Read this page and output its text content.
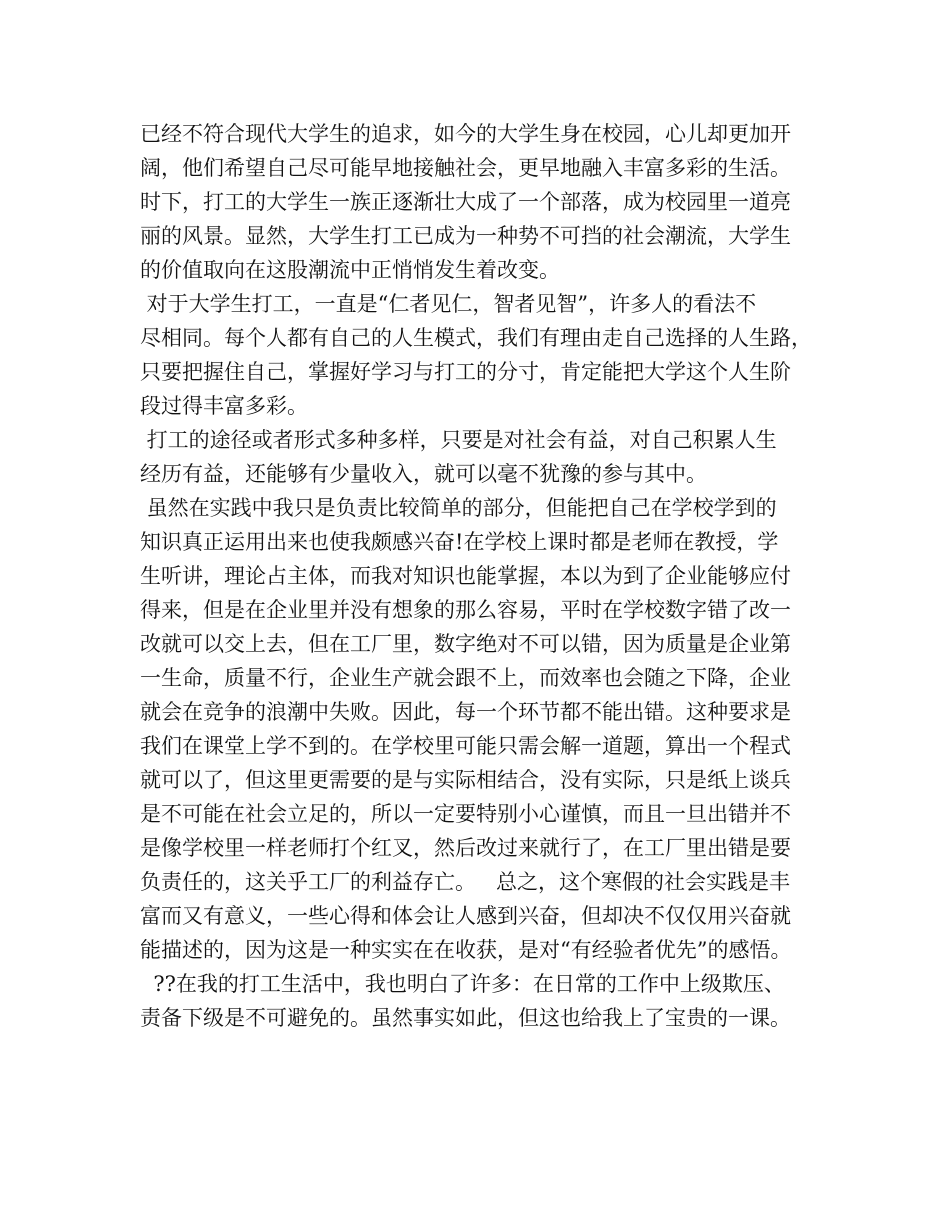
已经不符合现代大学生的追求，如今的大学生身在校园，心儿却更加开
阔，他们希望自己尽可能早地接触社会，更早地融入丰富多彩的生活。
时下，打工的大学生一族正逐渐壮大成了一个部落，成为校园里一道亮
丽的风景。显然，大学生打工已成为一种势不可挡的社会潮流，大学生
的价值取向在这股潮流中正悄悄发生着改变。
对于大学生打工，一直是“仁者见仁，智者见智”，许多人的看法不
尽相同。每个人都有自己的人生模式，我们有理由走自己选择的人生路，
只要把握住自己，掌握好学习与打工的分寸，肯定能把大学这个人生阶
段过得丰富多彩。
打工的途径或者形式多种多样，只要是对社会有益，对自己积累人生
经历有益，还能够有少量收入，就可以毫不犹豫的参与其中。
虽然在实践中我只是负责比较简单的部分，但能把自己在学校学到的
知识真正运用出来也使我颇感兴奋!在学校上课时都是老师在教授，学
生听讲，理论占主体，而我对知识也能掌握，本以为到了企业能够应付
得来，但是在企业里并没有想象的那么容易，平时在学校数字错了改一
改就可以交上去，但在工厂里，数字绝对不可以错，因为质量是企业第
一生命，质量不行，企业生产就会跟不上，而效率也会随之下降，企业
就会在竞争的浪潮中失败。因此，每一个环节都不能出错。这种要求是
我们在课堂上学不到的。在学校里可能只需会解一道题，算出一个程式
就可以了，但这里更需要的是与实际相结合，没有实际，只是纸上谈兵
是不可能在社会立足的，所以一定要特别小心谨慎，而且一旦出错并不
是像学校里一样老师打个红叉，然后改过来就行了，在工厂里出错是要
负责任的，这关乎工厂的利益存亡。   总之，这个寒假的社会实践是丰
富而又有意义，一些心得和体会让人感到兴奋，但却决不仅仅用兴奋就
能描述的，因为这是一种实实在在收获，是对“有经验者优先”的感悟。
??在我的打工生活中，我也明白了许多：在日常的工作中上级欺压、
责备下级是不可避免的。虽然事实如此，但这也给我上了宝贵的一课。
